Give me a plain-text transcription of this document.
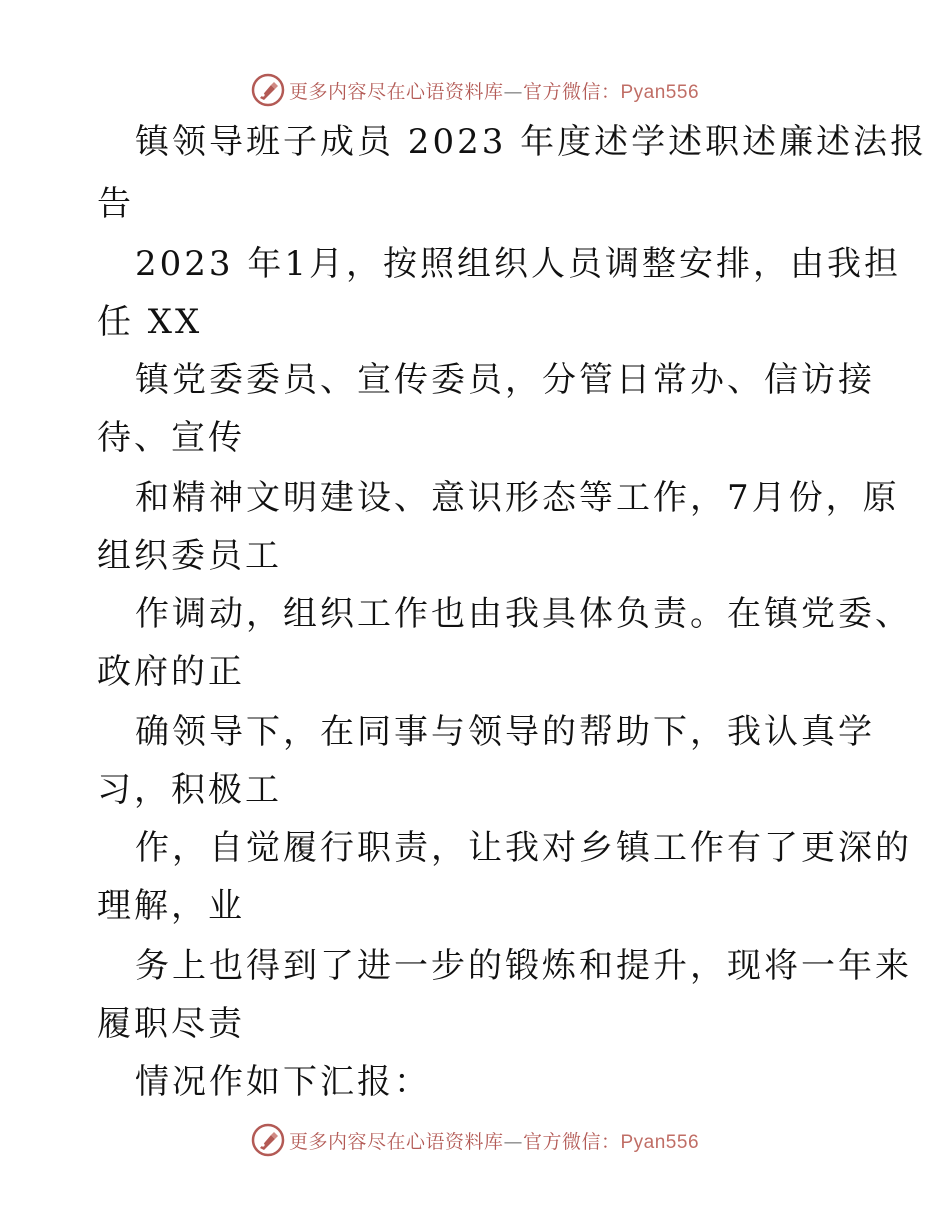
更多内容尽在心语资料库—官方微信：Pyan556
镇领导班子成员 2023 年度述学述职述廉述法报
告
2023 年1月，按照组织人员调整安排，由我担
任 XX
镇党委委员、宣传委员，分管日常办、信访接
待、宣传
和精神文明建设、意识形态等工作，7月份，原
组织委员工
作调动，组织工作也由我具体负责。在镇党委、
政府的正
确领导下，在同事与领导的帮助下，我认真学
习，积极工
作，自觉履行职责，让我对乡镇工作有了更深的
理解，业
务上也得到了进一步的锻炼和提升，现将一年来
履职尽责
情况作如下汇报：
更多内容尽在心语资料库—官方微信：Pyan556
